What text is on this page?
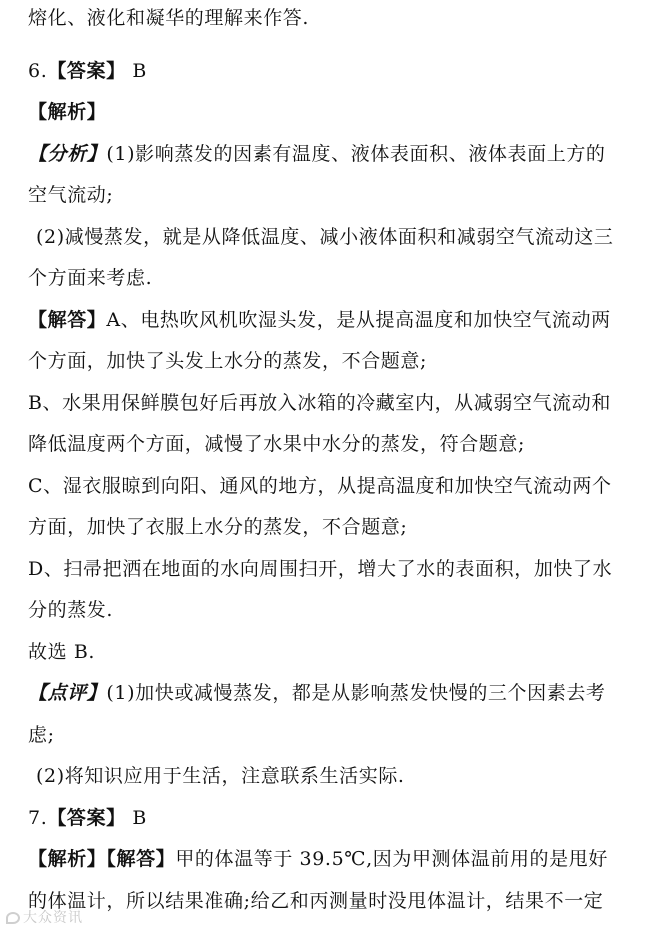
熔化、液化和凝华的理解来作答.
6.【答案】 B
【解析】
【分析】(1)影响蒸发的因素有温度、液体表面积、液体表面上方的
空气流动;
(2)减慢蒸发，就是从降低温度、减小液体面积和减弱空气流动这三
个方面来考虑.
【解答】A、电热吹风机吹湿头发，是从提高温度和加快空气流动两
个方面，加快了头发上水分的蒸发，不合题意;
B、水果用保鲜膜包好后再放入冰箱的冷藏室内，从减弱空气流动和
降低温度两个方面，减慢了水果中水分的蒸发，符合题意;
C、湿衣服晾到向阳、通风的地方，从提高温度和加快空气流动两个
方面，加快了衣服上水分的蒸发，不合题意;
D、扫帚把洒在地面的水向周围扫开，增大了水的表面积，加快了水
分的蒸发.
故选 B.
【点评】(1)加快或减慢蒸发，都是从影响蒸发快慢的三个因素去考
虑;
(2)将知识应用于生活，注意联系生活实际.
7.【答案】 B
【解析】【解答】甲的体温等于 39.5℃,因为甲测体温前用的是甩好
的体温计，所以结果准确;给乙和丙测量时没甩体温计，结果不一定
大众资讯
